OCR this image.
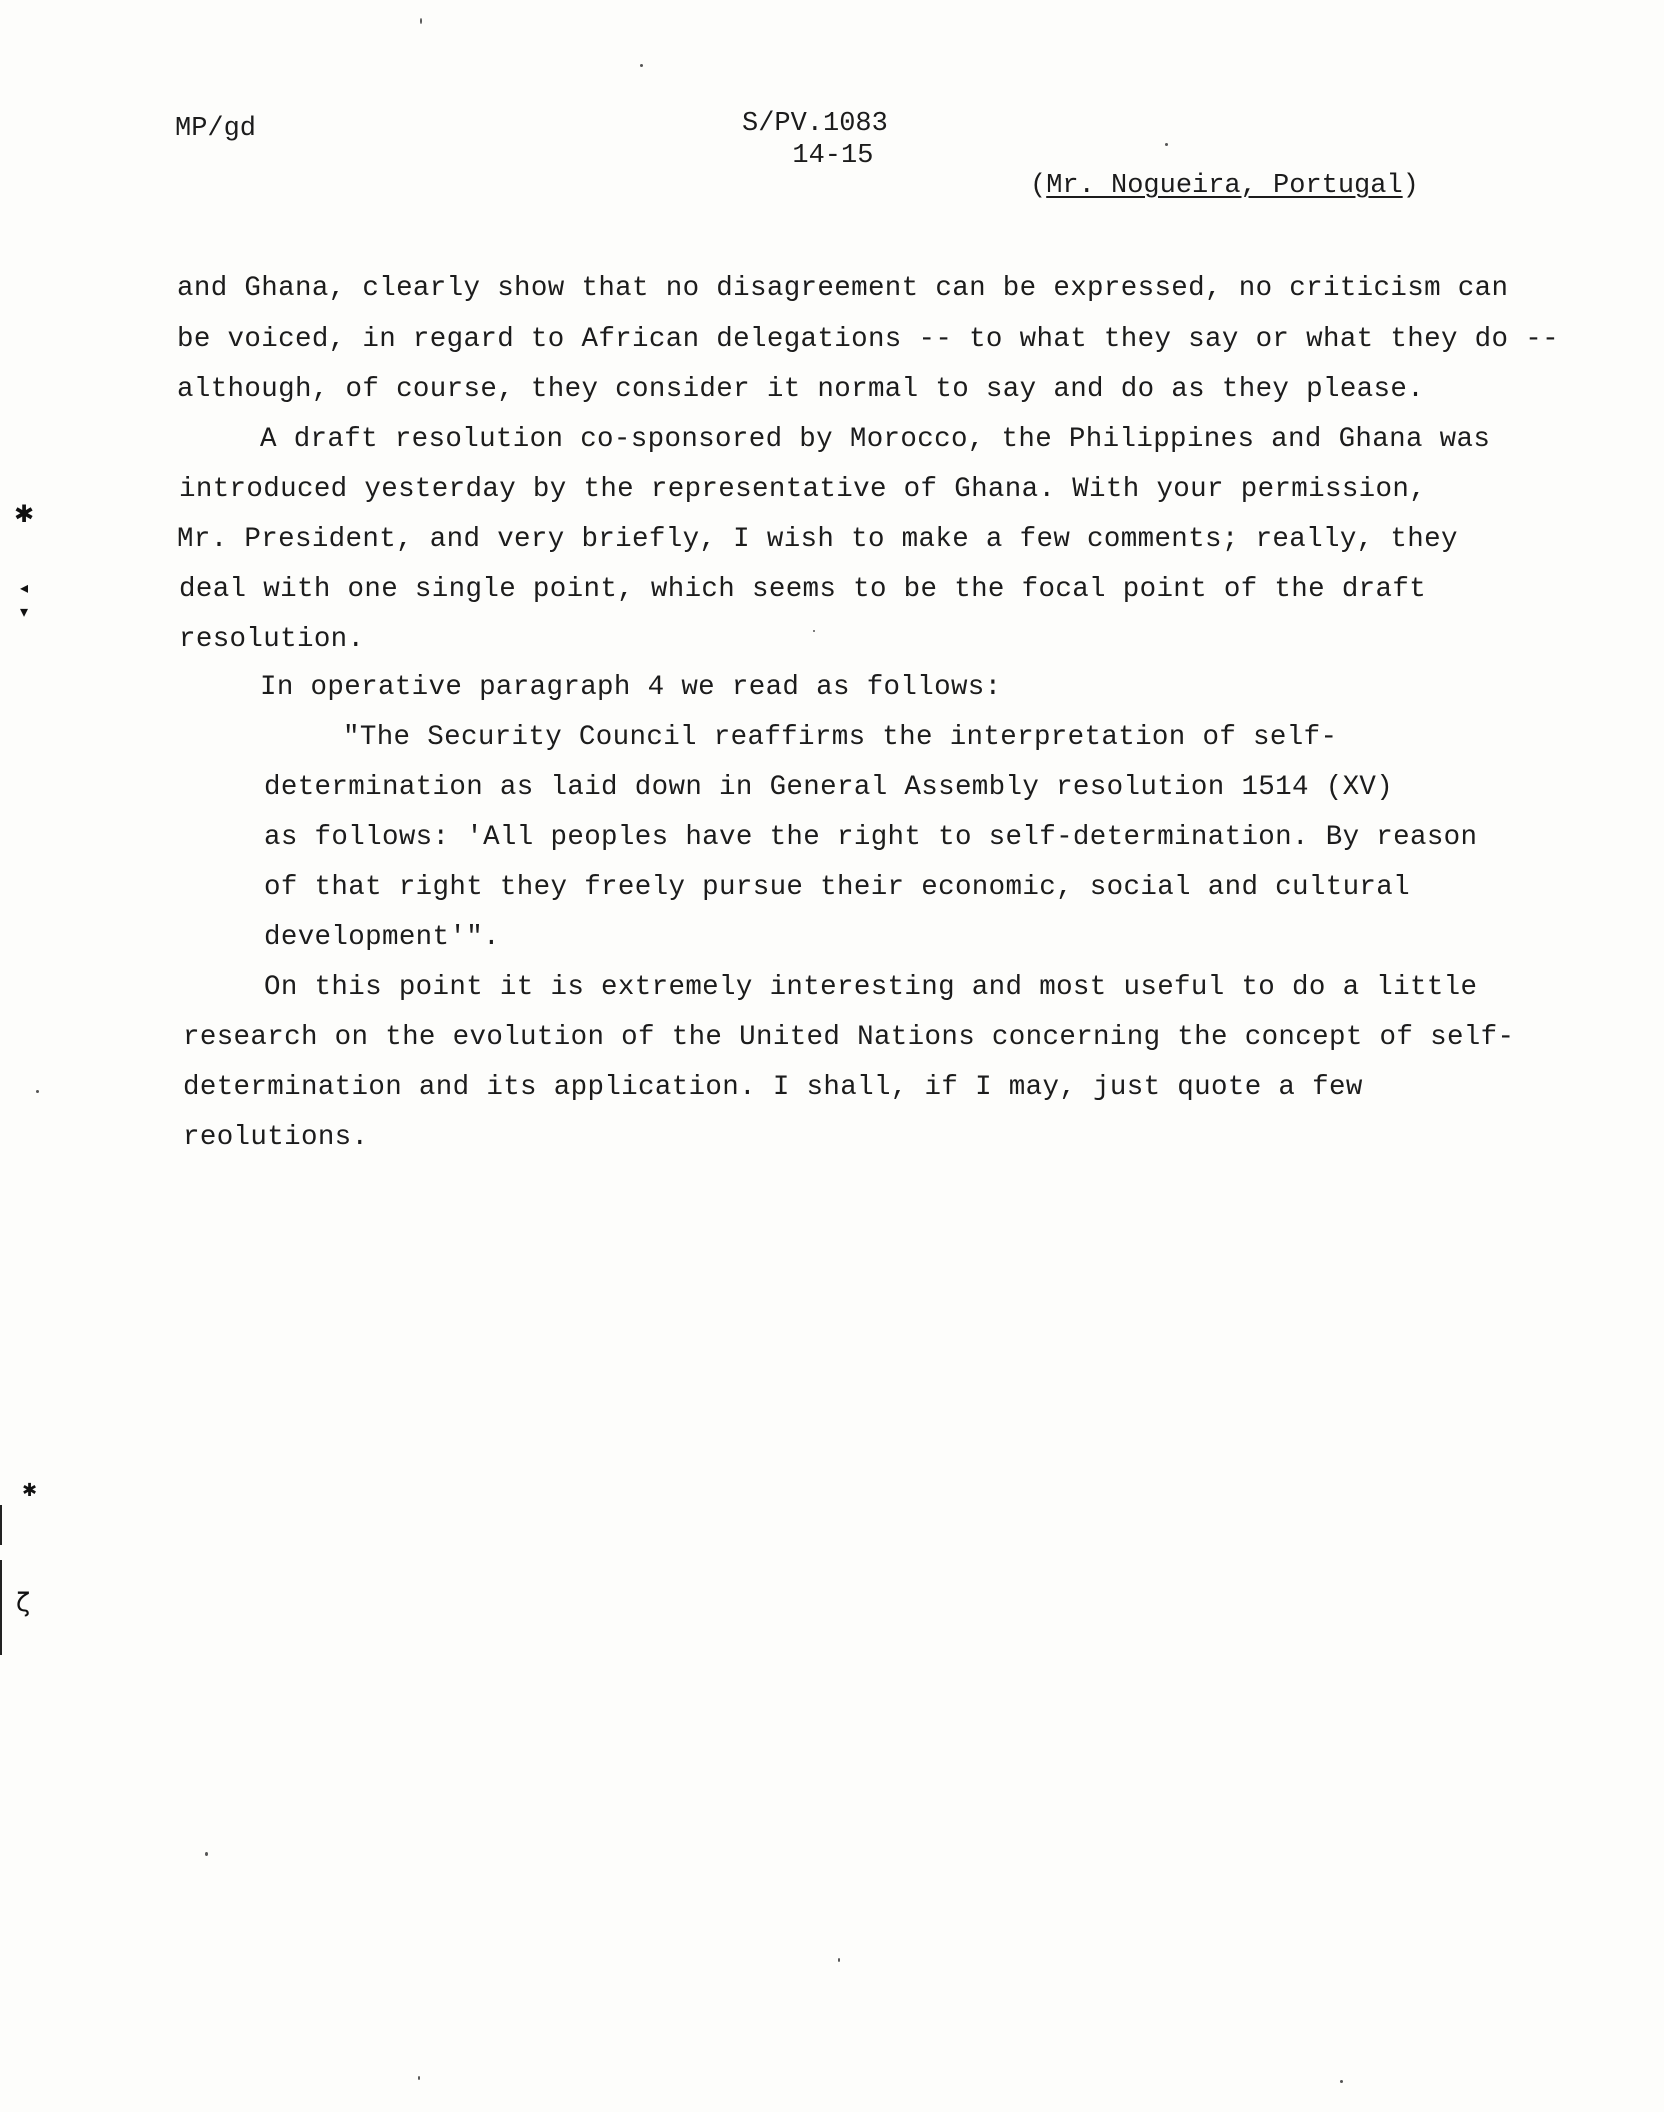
MP/gd	S/PV.1083
14-15
(Mr. Nogueira, Portugal)
and Ghana, clearly show that no disagreement can be expressed, no criticism can
be voiced, in regard to African delegations -- to what they say or what they do --
although, of course, they consider it normal to say and do as they please.
A draft resolution co-sponsored by Morocco, the Philippines and Ghana was
introduced yesterday by the representative of Ghana. With your permission,
Mr. President, and very briefly, I wish to make a few comments; really, they
deal with one single point, which seems to be the focal point of the draft
resolution.
In operative paragraph 4 we read as follows:
"The Security Council reaffirms the interpretation of self-
determination as laid down in General Assembly resolution 1514 (XV)
as follows: 'All peoples have the right to self-determination. By reason
of that right they freely pursue their economic, social and cultural
development'".
On this point it is extremely interesting and most useful to do a little
research on the evolution of the United Nations concerning the concept of self-
determination and its application. I shall, if I may, just quote a few
reolutions.
✱
◂
▾
✱
ζ
